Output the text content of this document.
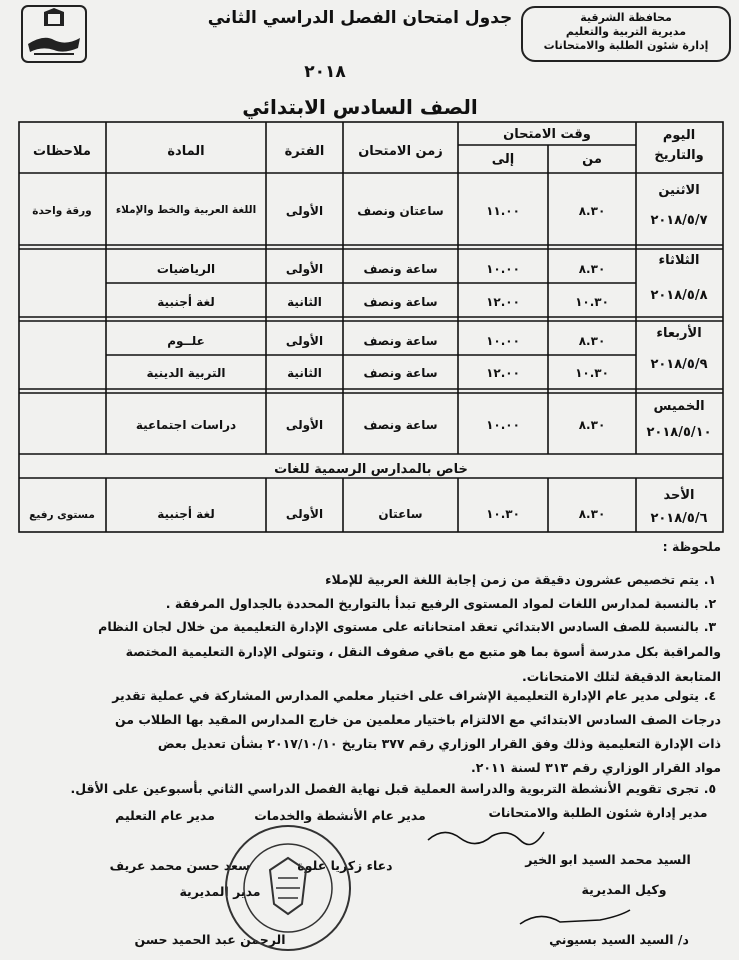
محافظة الشرقية
مديرية التربية والتعليم
إدارة شئون الطلبة والامتحانات
جدول امتحان الفصل الدراسي الثاني
٢٠١٨
الصف السادس الابتدائي
اليوم
والتاريخ
وقت الامتحان
من
إلى
زمن الامتحان
الفترة
المادة
ملاحظات
الاثنين
٢٠١٨/٥/٧
٨.٣٠
١١.٠٠
ساعتان ونصف
الأولى
اللغة العربية والخط والإملاء
ورقة واحدة
الثلاثاء
٢٠١٨/٥/٨
٨.٣٠
١٠.٠٠
ساعة ونصف
الأولى
الرياضيات
١٠.٣٠
١٢.٠٠
ساعة ونصف
الثانية
لغة أجنبية
الأربعاء
٢٠١٨/٥/٩
٨.٣٠
١٠.٠٠
ساعة ونصف
الأولى
علــوم
١٠.٣٠
١٢.٠٠
ساعة ونصف
الثانية
التربية الدينية
الخميس
٢٠١٨/٥/١٠
٨.٣٠
١٠.٠٠
ساعة ونصف
الأولى
دراسات اجتماعية
خاص بالمدارس الرسمية للغات
الأحد
٢٠١٨/٥/٦
٨.٣٠
١٠.٣٠
ساعتان
الأولى
لغة أجنبية
مستوى رفيع
ملحوظة :
١.يتم تخصيص عشرون دقيقة من زمن إجابة اللغة العربية للإملاء
٢.بالنسبة لمدارس اللغات لمواد المستوى الرفيع تبدأ بالتواريخ المحددة بالجداول المرفقة .
٣.بالنسبة للصف السادس الابتدائي تعقد امتحاناته على مستوى الإدارة التعليمية من خلال لجان النظام
والمراقبة بكل مدرسة أسوة بما هو متبع مع باقي صفوف النقل ، وتتولى الإدارة التعليمية المختصة
المتابعة الدقيقة لتلك الامتحانات.
٤.يتولى مدير عام الإدارة التعليمية الإشراف على اختيار معلمي المدارس المشاركة في عملية تقدير
درجات الصف السادس الابتدائي مع الالتزام باختيار معلمين من خارج المدارس المقيد بها الطلاب من
ذات الإدارة التعليمية وذلك وفق القرار الوزاري رقم ٣٧٧ بتاريخ ٢٠١٧/١٠/١٠ بشأن تعديل بعض
مواد القرار الوزاري رقم ٣١٣ لسنة ٢٠١١.
٥.تجرى تقويم الأنشطة التربوية والدراسة العملية قبل نهاية الفصل الدراسي الثاني بأسبوعين على الأقل.
مدير إدارة شئون الطلبة والامتحانات
مدير عام الأنشطة والخدمات
مدير عام التعليم
السيد محمد السيد ابو الخير
دعاء زكريا علوة
سعد حسن محمد عريف
وكيل المديرية
مدير المديرية
د/ السيد السيد بسيوني
الرحمن عبد الحميد حسن
